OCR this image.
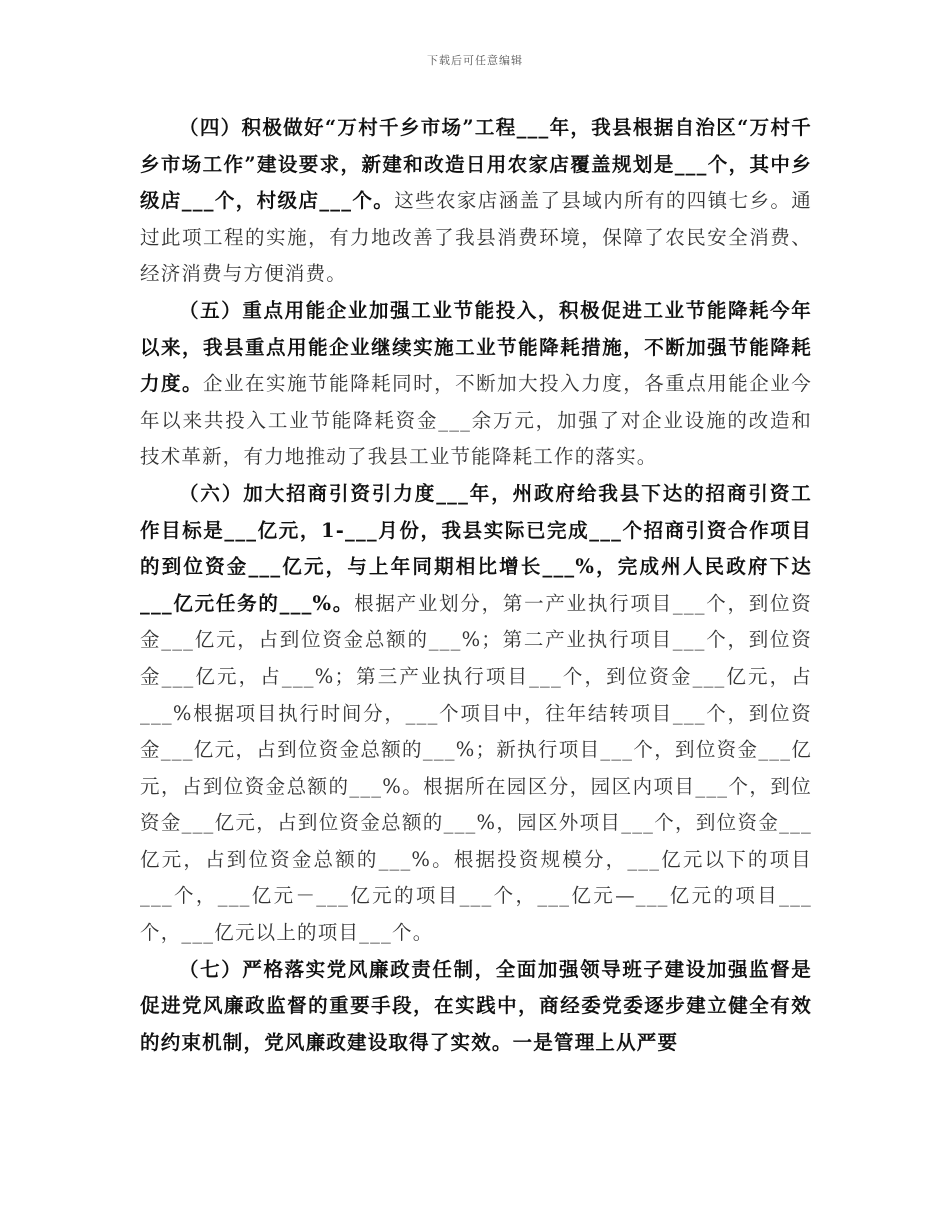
下载后可任意编辑

（四）积极做好“万村千乡市场”工程___年，我县根据自治区“万村千乡市场工作”建设要求，新建和改造日用农家店覆盖规划是___个，其中乡级店___个，村级店___个。这些农家店涵盖了县域内所有的四镇七乡。通过此项工程的实施，有力地改善了我县消费环境，保障了农民安全消费、经济消费与方便消费。

（五）重点用能企业加强工业节能投入，积极促进工业节能降耗今年以来，我县重点用能企业继续实施工业节能降耗措施，不断加强节能降耗力度。企业在实施节能降耗同时，不断加大投入力度，各重点用能企业今年以来共投入工业节能降耗资金___余万元，加强了对企业设施的改造和技术革新，有力地推动了我县工业节能降耗工作的落实。

（六）加大招商引资引力度___年，州政府给我县下达的招商引资工作目标是___亿元，1-___月份，我县实际已完成___个招商引资合作项目的到位资金___亿元，与上年同期相比增长___%，完成州人民政府下达___亿元任务的___%。根据产业划分，第一产业执行项目___个，到位资金___亿元，占到位资金总额的___%；第二产业执行项目___个，到位资金___亿元，占___%；第三产业执行项目___个，到位资金___亿元，占___%根据项目执行时间分，___个项目中，往年结转项目___个，到位资金___亿元，占到位资金总额的___%；新执行项目___个，到位资金___亿元，占到位资金总额的___%。根据所在园区分，园区内项目___个，到位资金___亿元，占到位资金总额的___%，园区外项目___个，到位资金___亿元，占到位资金总额的___%。根据投资规模分，___亿元以下的项目___个，___亿元－___亿元的项目___个，___亿元—___亿元的项目___个，___亿元以上的项目___个。

（七）严格落实党风廉政责任制，全面加强领导班子建设加强监督是促进党风廉政监督的重要手段，在实践中，商经委党委逐步建立健全有效的约束机制，党风廉政建设取得了实效。一是管理上从严要
